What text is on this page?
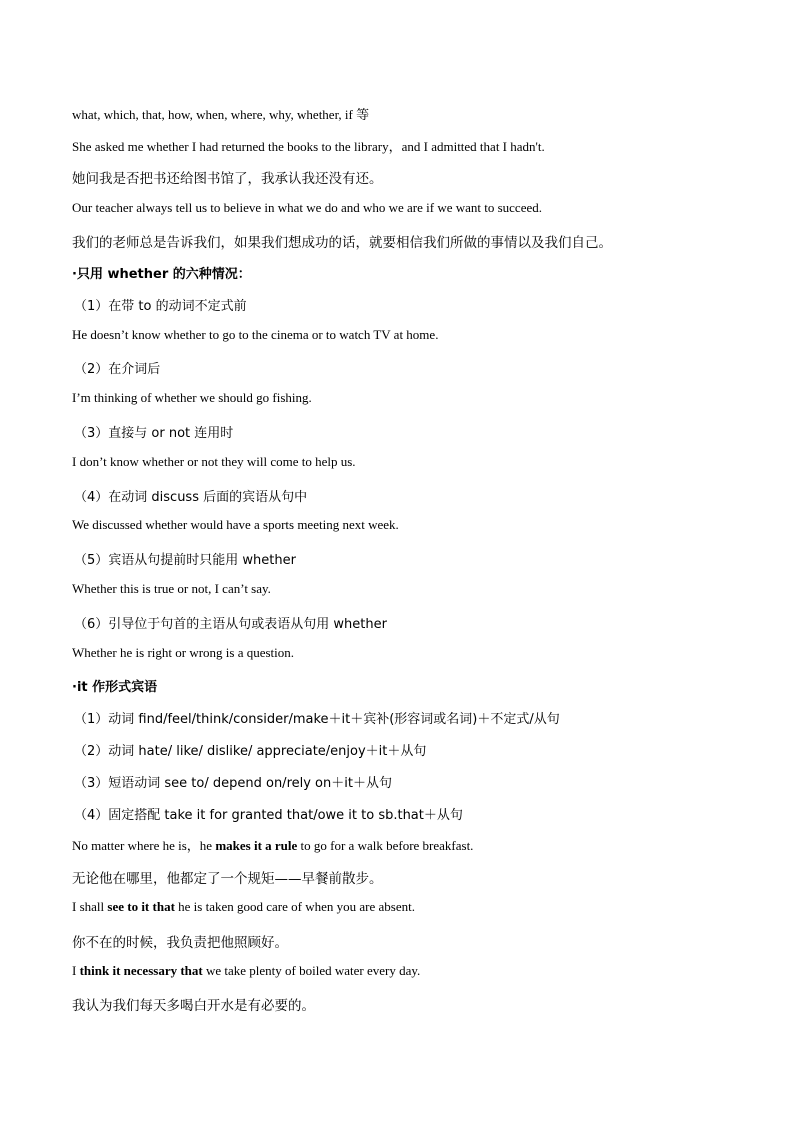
what, which, that, how, when, where, why, whether, if 等
She asked me whether I had returned the books to the library，and I admitted that I hadn't.
她问我是否把书还给图书馆了，我承认我还没有还。
Our teacher always tell us to believe in what we do and who we are if we want to succeed.
我们的老师总是告诉我们，如果我们想成功的话，就要相信我们所做的事情以及我们自己。
·只用 whether 的六种情况：
（1）在带 to 的动词不定式前
He doesn’t know whether to go to the cinema or to watch TV at home.
（2）在介词后
I’m thinking of whether we should go fishing.
（3）直接与 or not 连用时
I don’t know whether or not they will come to help us.
（4）在动词 discuss 后面的宾语从句中
We discussed whether would have a sports meeting next week.
（5）宾语从句提前时只能用 whether
Whether this is true or not, I can’t say.
（6）引导位于句首的主语从句或表语从句用 whether
Whether he is right or wrong is a question.
·it 作形式宾语
（1）动词 find/feel/think/consider/make＋it＋宾补(形容词或名词)＋不定式/从句
（2）动词 hate/ like/ dislike/ appreciate/enjoy＋it＋从句
（3）短语动词 see to/ depend on/rely on＋it＋从句
（4）固定搭配 take it for granted that/owe it to sb.that＋从句
No matter where he is，he makes it a rule to go for a walk before breakfast.
无论他在哪里，他都定了一个规矩——早餐前散步。
I shall see to it that he is taken good care of when you are absent.
你不在的时候，我负责把他照顾好。
I think it necessary that we take plenty of boiled water every day.
我认为我们每天多喝白开水是有必要的。
